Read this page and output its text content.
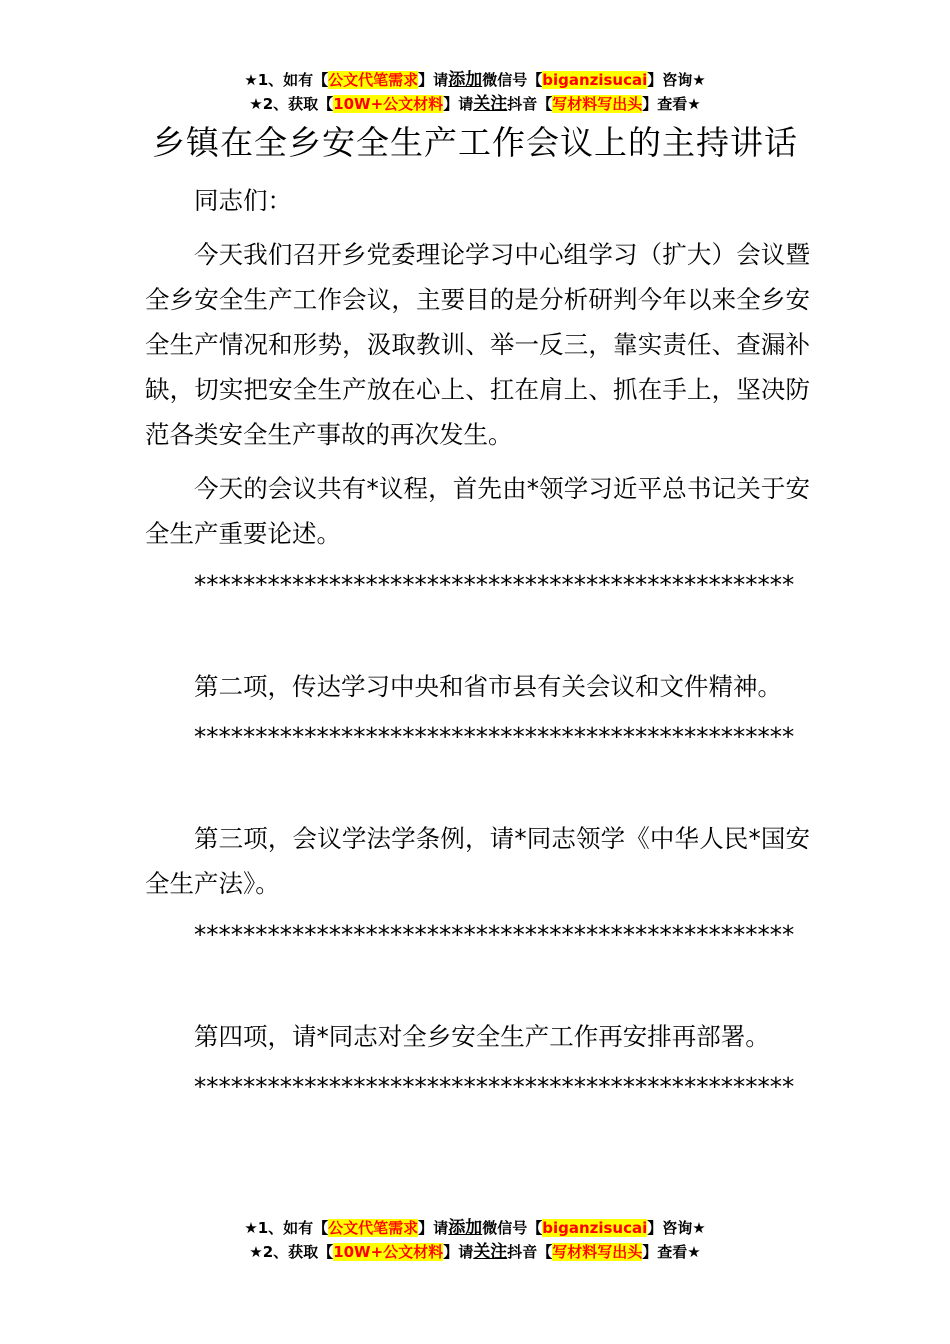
★1、如有【公文代笔需求】请添加微信号【biganzisucai】咨询★
★2、获取【10W+公文材料】请关注抖音【写材料写出头】查看★
乡镇在全乡安全生产工作会议上的主持讲话

同志们：

今天我们召开乡党委理论学习中心组学习（扩大）会议暨全乡安全生产工作会议，主要目的是分析研判今年以来全乡安全生产情况和形势，汲取教训、举一反三，靠实责任、查漏补缺，切实把安全生产放在心上、扛在肩上、抓在手上，坚决防范各类安全生产事故的再次发生。

今天的会议共有*议程，首先由*领学习近平总书记关于安全生产重要论述。

*************************************************

第二项，传达学习中央和省市县有关会议和文件精神。

*************************************************

第三项，会议学法学条例，请*同志领学《中华人民*国安全生产法》。

*************************************************

第四项，请*同志对全乡安全生产工作再安排再部署。

*************************************************

★1、如有【公文代笔需求】请添加微信号【biganzisucai】咨询★
★2、获取【10W+公文材料】请关注抖音【写材料写出头】查看★
